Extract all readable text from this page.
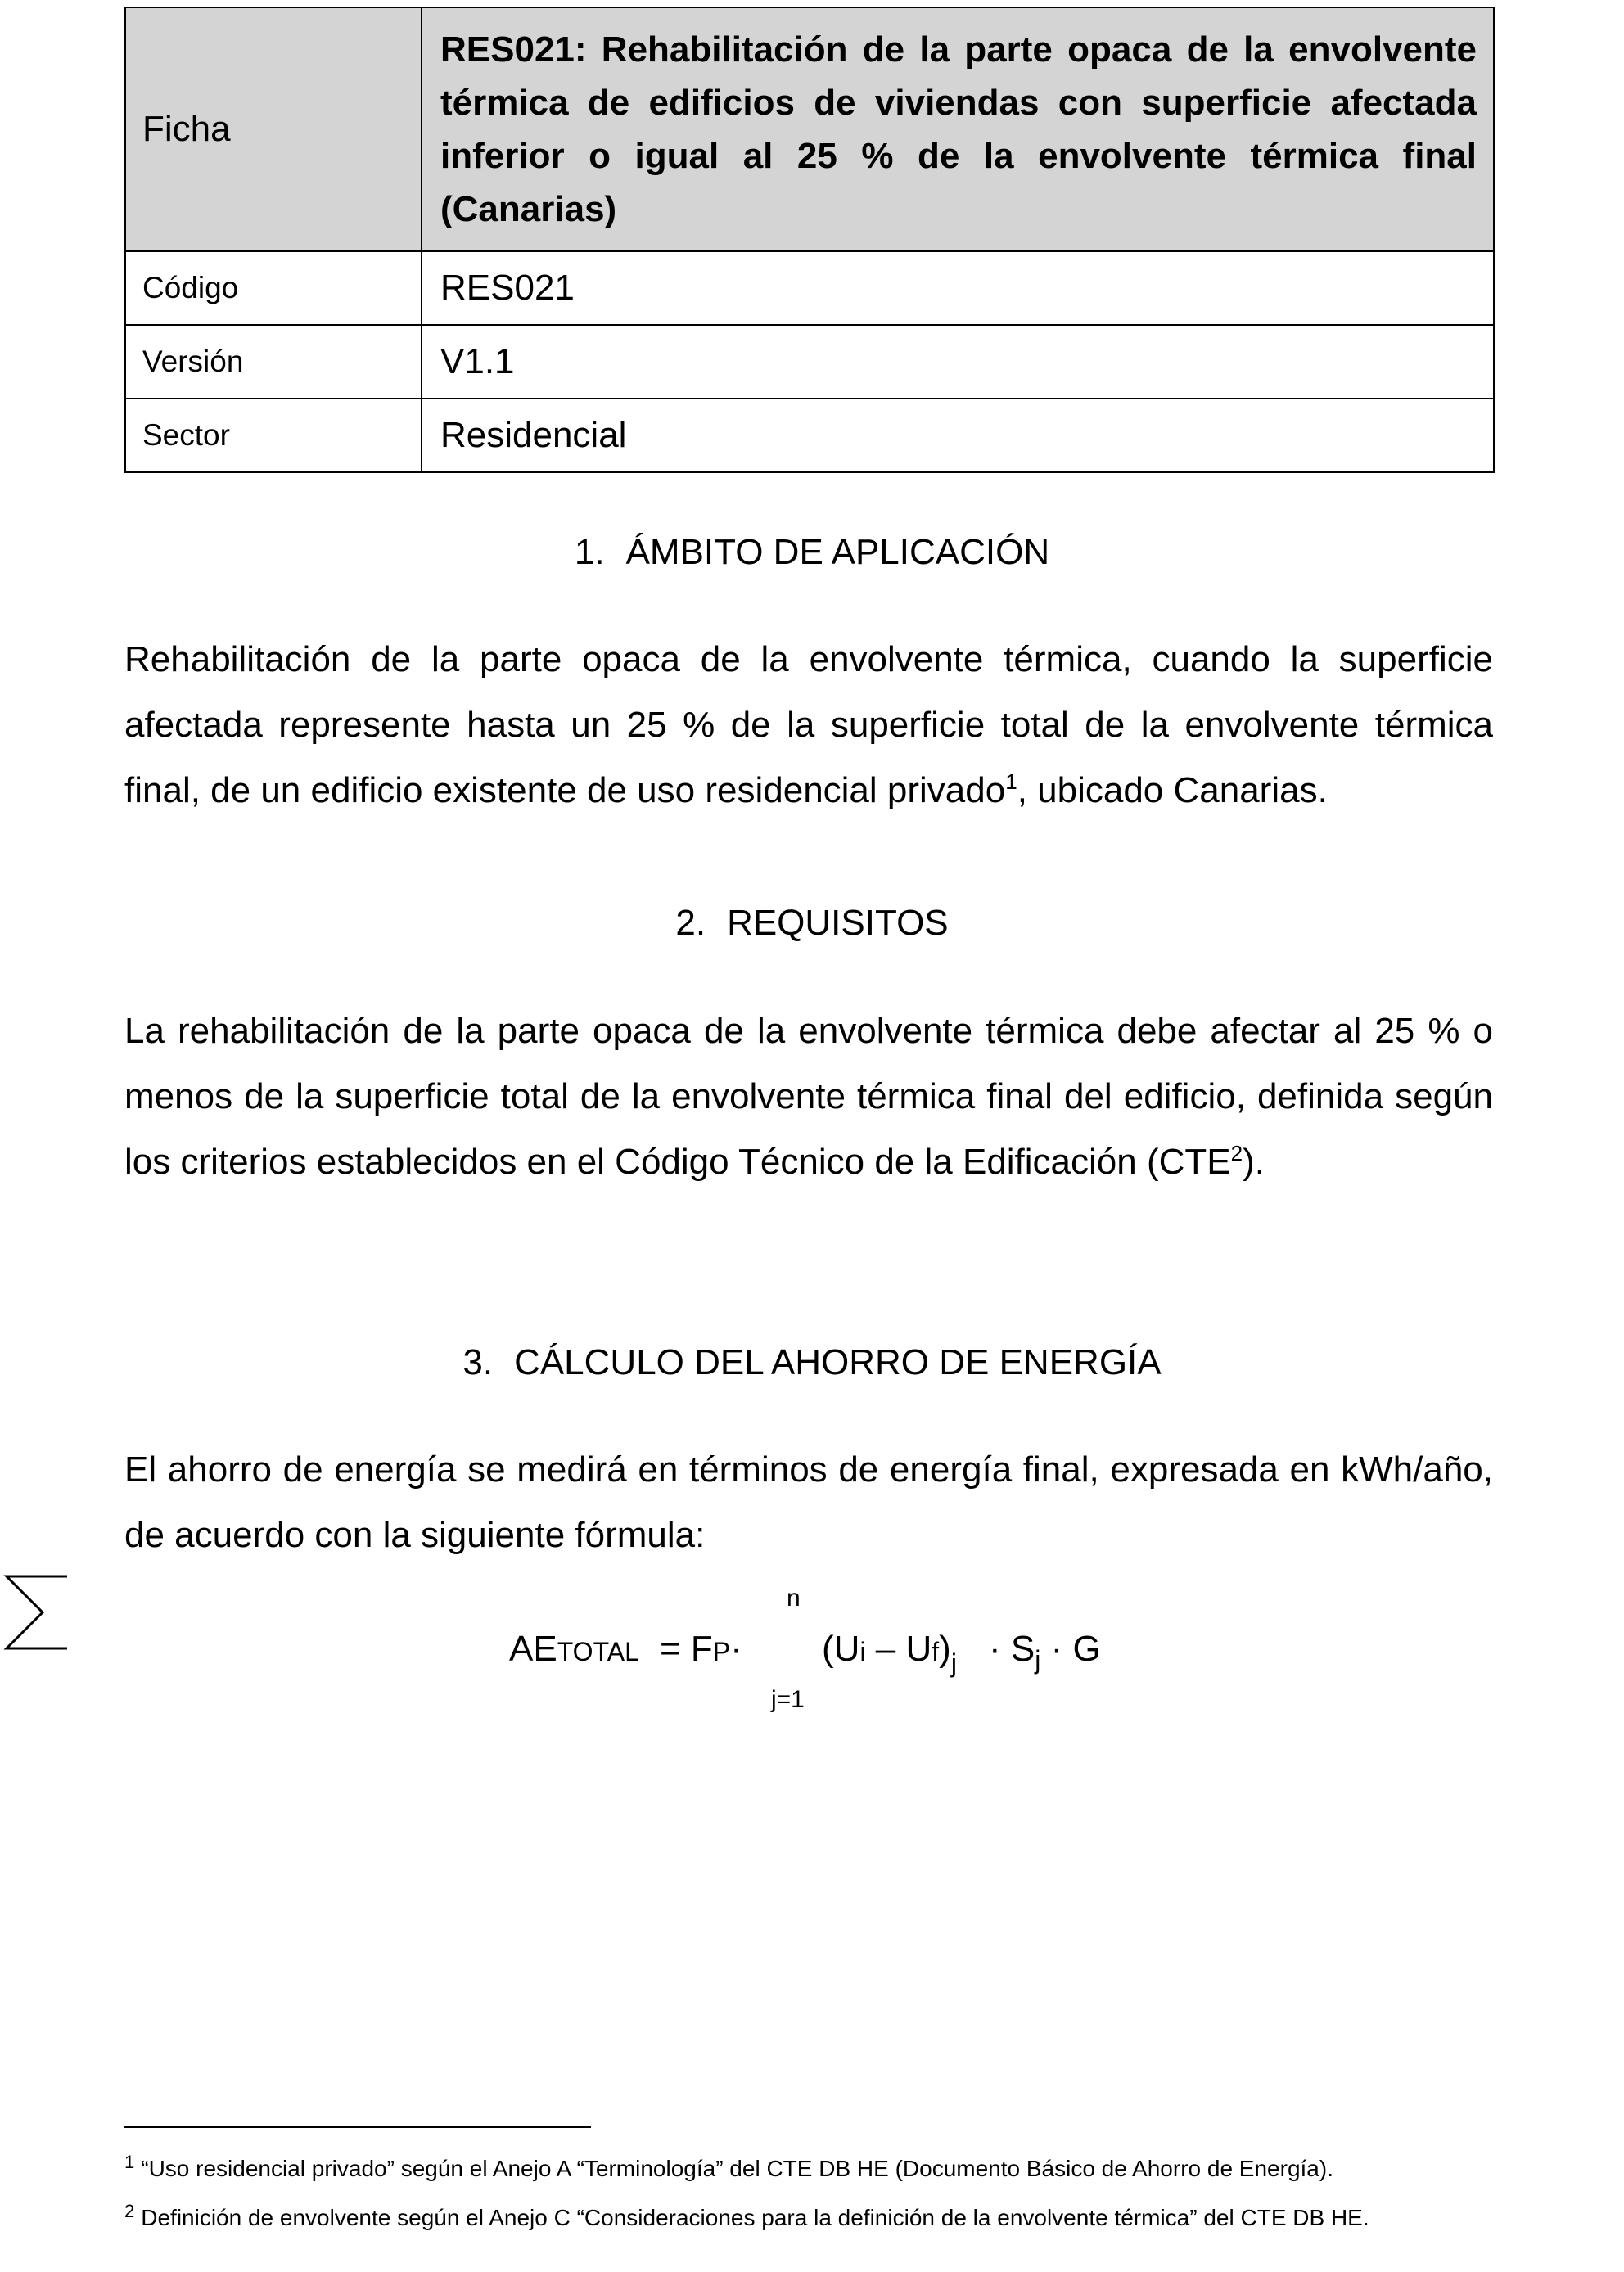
Ficha	RES021: Rehabilitación de la parte opaca de la envolvente térmica de edificios de viviendas con superficie afectada inferior o igual al 25 % de la envolvente térmica final (Canarias)
Código	RES021
Versión	V1.1
Sector	Residencial
1. ÁMBITO DE APLICACIÓN

Rehabilitación de la parte opaca de la envolvente térmica, cuando la superficie afectada represente hasta un 25 % de la superficie total de la envolvente térmica final, de un edificio existente de uso residencial privado$^1$, ubicado Canarias.

2. REQUISITOS

La rehabilitación de la parte opaca de la envolvente térmica debe afectar al 25 % o menos de la superficie total de la envolvente térmica final del edificio, definida según los criterios establecidos en el Código Técnico de la Edificación (CTE$^2$).

3. CÁLCULO DEL AHORRO DE ENERGÍA

El ahorro de energía se medirá en términos de energía final, expresada en kWh/año, de acuerdo con la siguiente fórmula:

AETOTAL = FP·
n
j=1
$(Ui - Uf)_j \cdot S_j \cdot G$
$^1$ “Uso residencial privado” según el Anejo A “Terminología” del CTE DB HE (Documento Básico de Ahorro de Energía).
$^2$ Definición de envolvente según el Anejo C “Consideraciones para la definición de la envolvente térmica” del CTE DB HE.
